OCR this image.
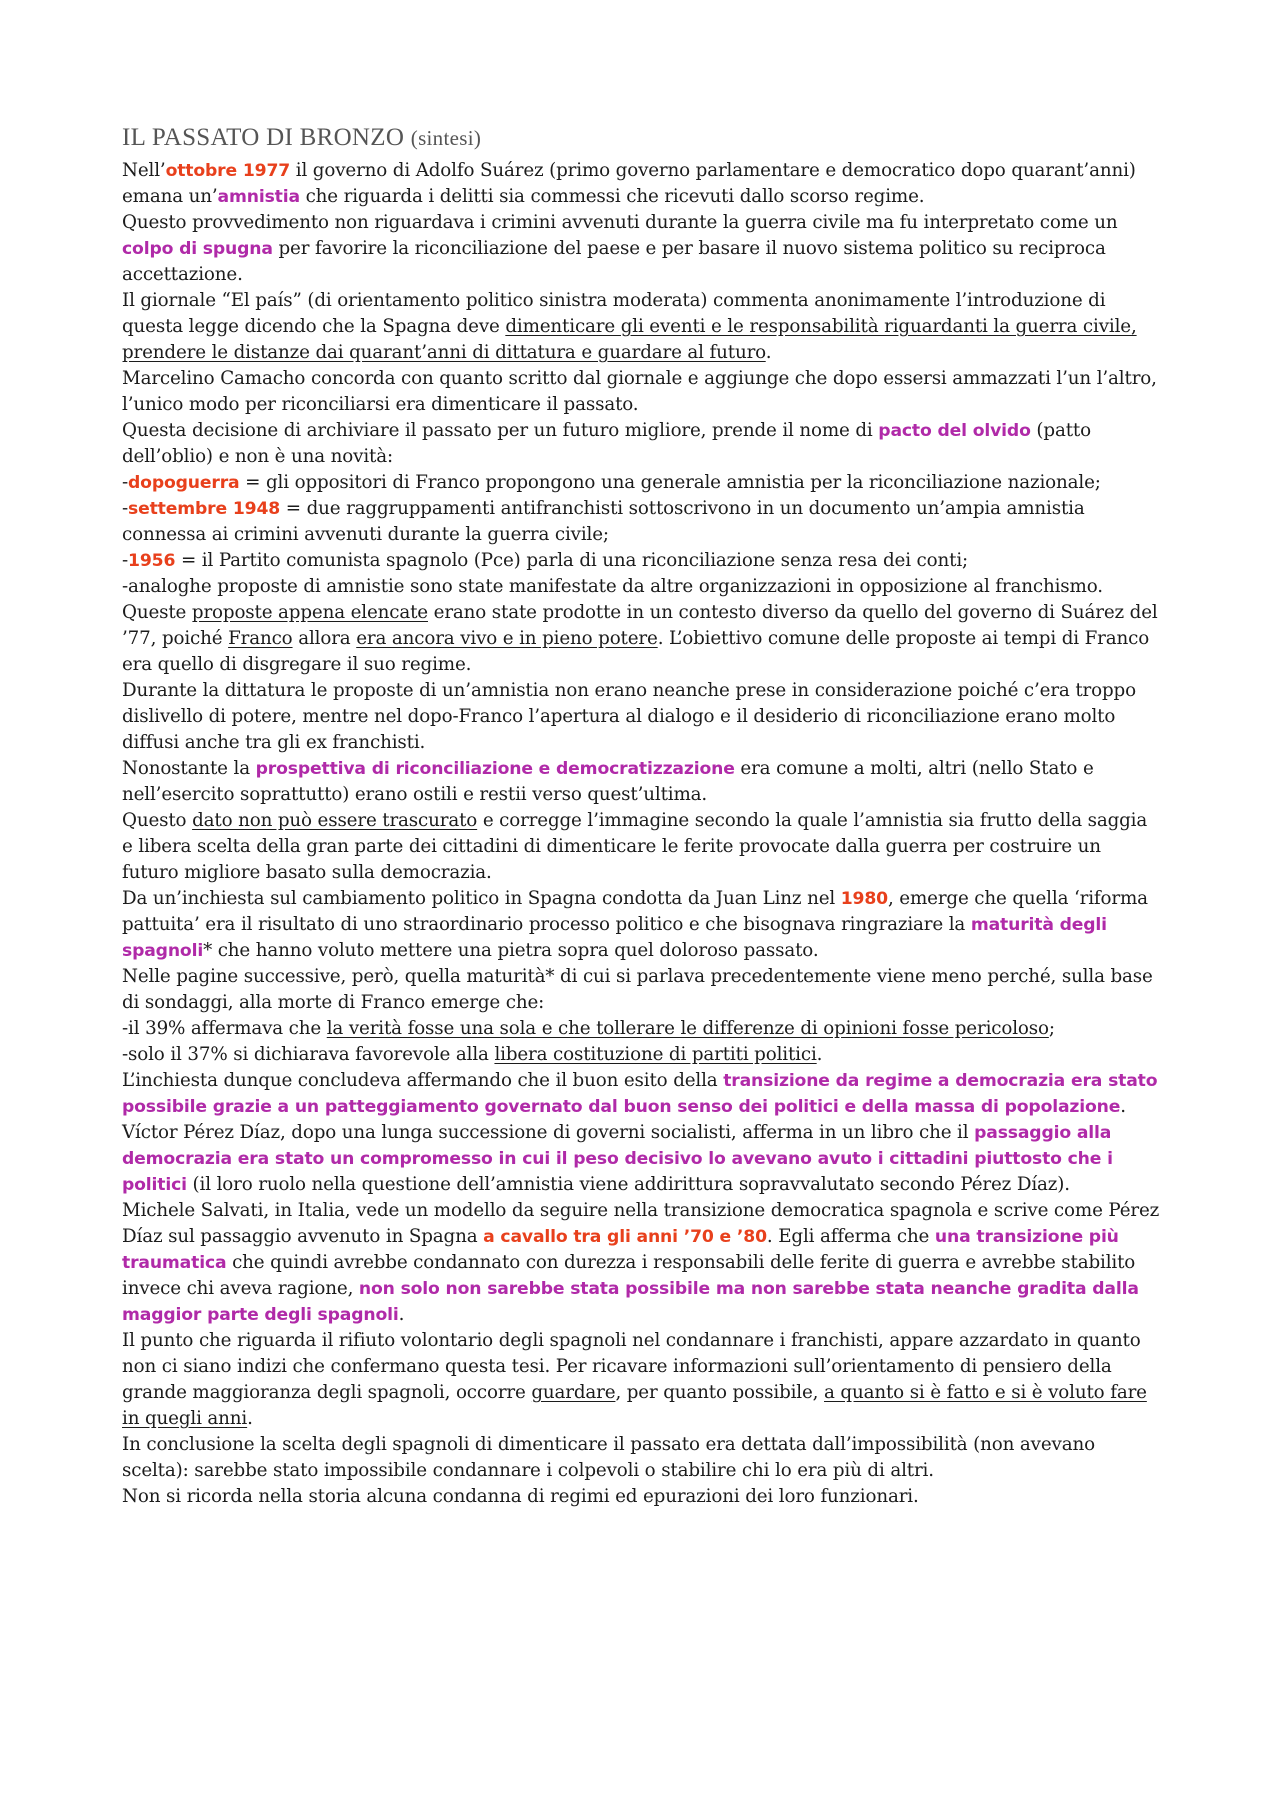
IL PASSATO DI BRONZO (sintesi)

Nell’ottobre 1977 il governo di Adolfo Suárez (primo governo parlamentare e democratico dopo quarant’anni) emana un’amnistia che riguarda i delitti sia commessi che ricevuti dallo scorso regime.

Questo provvedimento non riguardava i crimini avvenuti durante la guerra civile ma fu interpretato come un colpo di spugna per favorire la riconciliazione del paese e per basare il nuovo sistema politico su reciproca accettazione.

Il giornale “El país” (di orientamento politico sinistra moderata) commenta anonimamente l’introduzione di questa legge dicendo che la Spagna deve dimenticare gli eventi e le responsabilità riguardanti la guerra civile, prendere le distanze dai quarant’anni di dittatura e guardare al futuro.

Marcelino Camacho concorda con quanto scritto dal giornale e aggiunge che dopo essersi ammazzati l’un l’altro, l’unico modo per riconciliarsi era dimenticare il passato.

Questa decisione di archiviare il passato per un futuro migliore, prende il nome di pacto del olvido (patto dell’oblio) e non è una novità:

-dopoguerra = gli oppositori di Franco propongono una generale amnistia per la riconciliazione nazionale;

-settembre 1948 = due raggruppamenti antifranchisti sottoscrivono in un documento un’ampia amnistia connessa ai crimini avvenuti durante la guerra civile;

-1956 = il Partito comunista spagnolo (Pce) parla di una riconciliazione senza resa dei conti;

-analoghe proposte di amnistie sono state manifestate da altre organizzazioni in opposizione al franchismo.

Queste proposte appena elencate erano state prodotte in un contesto diverso da quello del governo di Suárez del ’77, poiché Franco allora era ancora vivo e in pieno potere. L’obiettivo comune delle proposte ai tempi di Franco era quello di disgregare il suo regime.

Durante la dittatura le proposte di un’amnistia non erano neanche prese in considerazione poiché c’era troppo dislivello di potere, mentre nel dopo-Franco l’apertura al dialogo e il desiderio di riconciliazione erano molto diffusi anche tra gli ex franchisti.

Nonostante la prospettiva di riconciliazione e democratizzazione era comune a molti, altri (nello Stato e nell’esercito soprattutto) erano ostili e restii verso quest’ultima.

Questo dato non può essere trascurato e corregge l’immagine secondo la quale l’amnistia sia frutto della saggia e libera scelta della gran parte dei cittadini di dimenticare le ferite provocate dalla guerra per costruire un futuro migliore basato sulla democrazia.

Da un’inchiesta sul cambiamento politico in Spagna condotta da Juan Linz nel 1980, emerge che quella ‘riforma pattuita’ era il risultato di uno straordinario processo politico e che bisognava ringraziare la maturità degli spagnoli* che hanno voluto mettere una pietra sopra quel doloroso passato.

Nelle pagine successive, però, quella maturità* di cui si parlava precedentemente viene meno perché, sulla base di sondaggi, alla morte di Franco emerge che:

-il 39% affermava che la verità fosse una sola e che tollerare le differenze di opinioni fosse pericoloso;

-solo il 37% si dichiarava favorevole alla libera costituzione di partiti politici.

L’inchiesta dunque concludeva affermando che il buon esito della transizione da regime a democrazia era stato possibile grazie a un patteggiamento governato dal buon senso dei politici e della massa di popolazione.

Víctor Pérez Díaz, dopo una lunga successione di governi socialisti, afferma in un libro che il passaggio alla democrazia era stato un compromesso in cui il peso decisivo lo avevano avuto i cittadini piuttosto che i politici (il loro ruolo nella questione dell’amnistia viene addirittura sopravvalutato secondo Pérez Díaz).

Michele Salvati, in Italia, vede un modello da seguire nella transizione democratica spagnola e scrive come Pérez Díaz sul passaggio avvenuto in Spagna a cavallo tra gli anni ’70 e ’80. Egli afferma che una transizione più traumatica che quindi avrebbe condannato con durezza i responsabili delle ferite di guerra e avrebbe stabilito invece chi aveva ragione, non solo non sarebbe stata possibile ma non sarebbe stata neanche gradita dalla maggior parte degli spagnoli.

Il punto che riguarda il rifiuto volontario degli spagnoli nel condannare i franchisti, appare azzardato in quanto non ci siano indizi che confermano questa tesi. Per ricavare informazioni sull’orientamento di pensiero della grande maggioranza degli spagnoli, occorre guardare, per quanto possibile, a quanto si è fatto e si è voluto fare in quegli anni.

In conclusione la scelta degli spagnoli di dimenticare il passato era dettata dall’impossibilità (non avevano scelta): sarebbe stato impossibile condannare i colpevoli o stabilire chi lo era più di altri.

Non si ricorda nella storia alcuna condanna di regimi ed epurazioni dei loro funzionari.
